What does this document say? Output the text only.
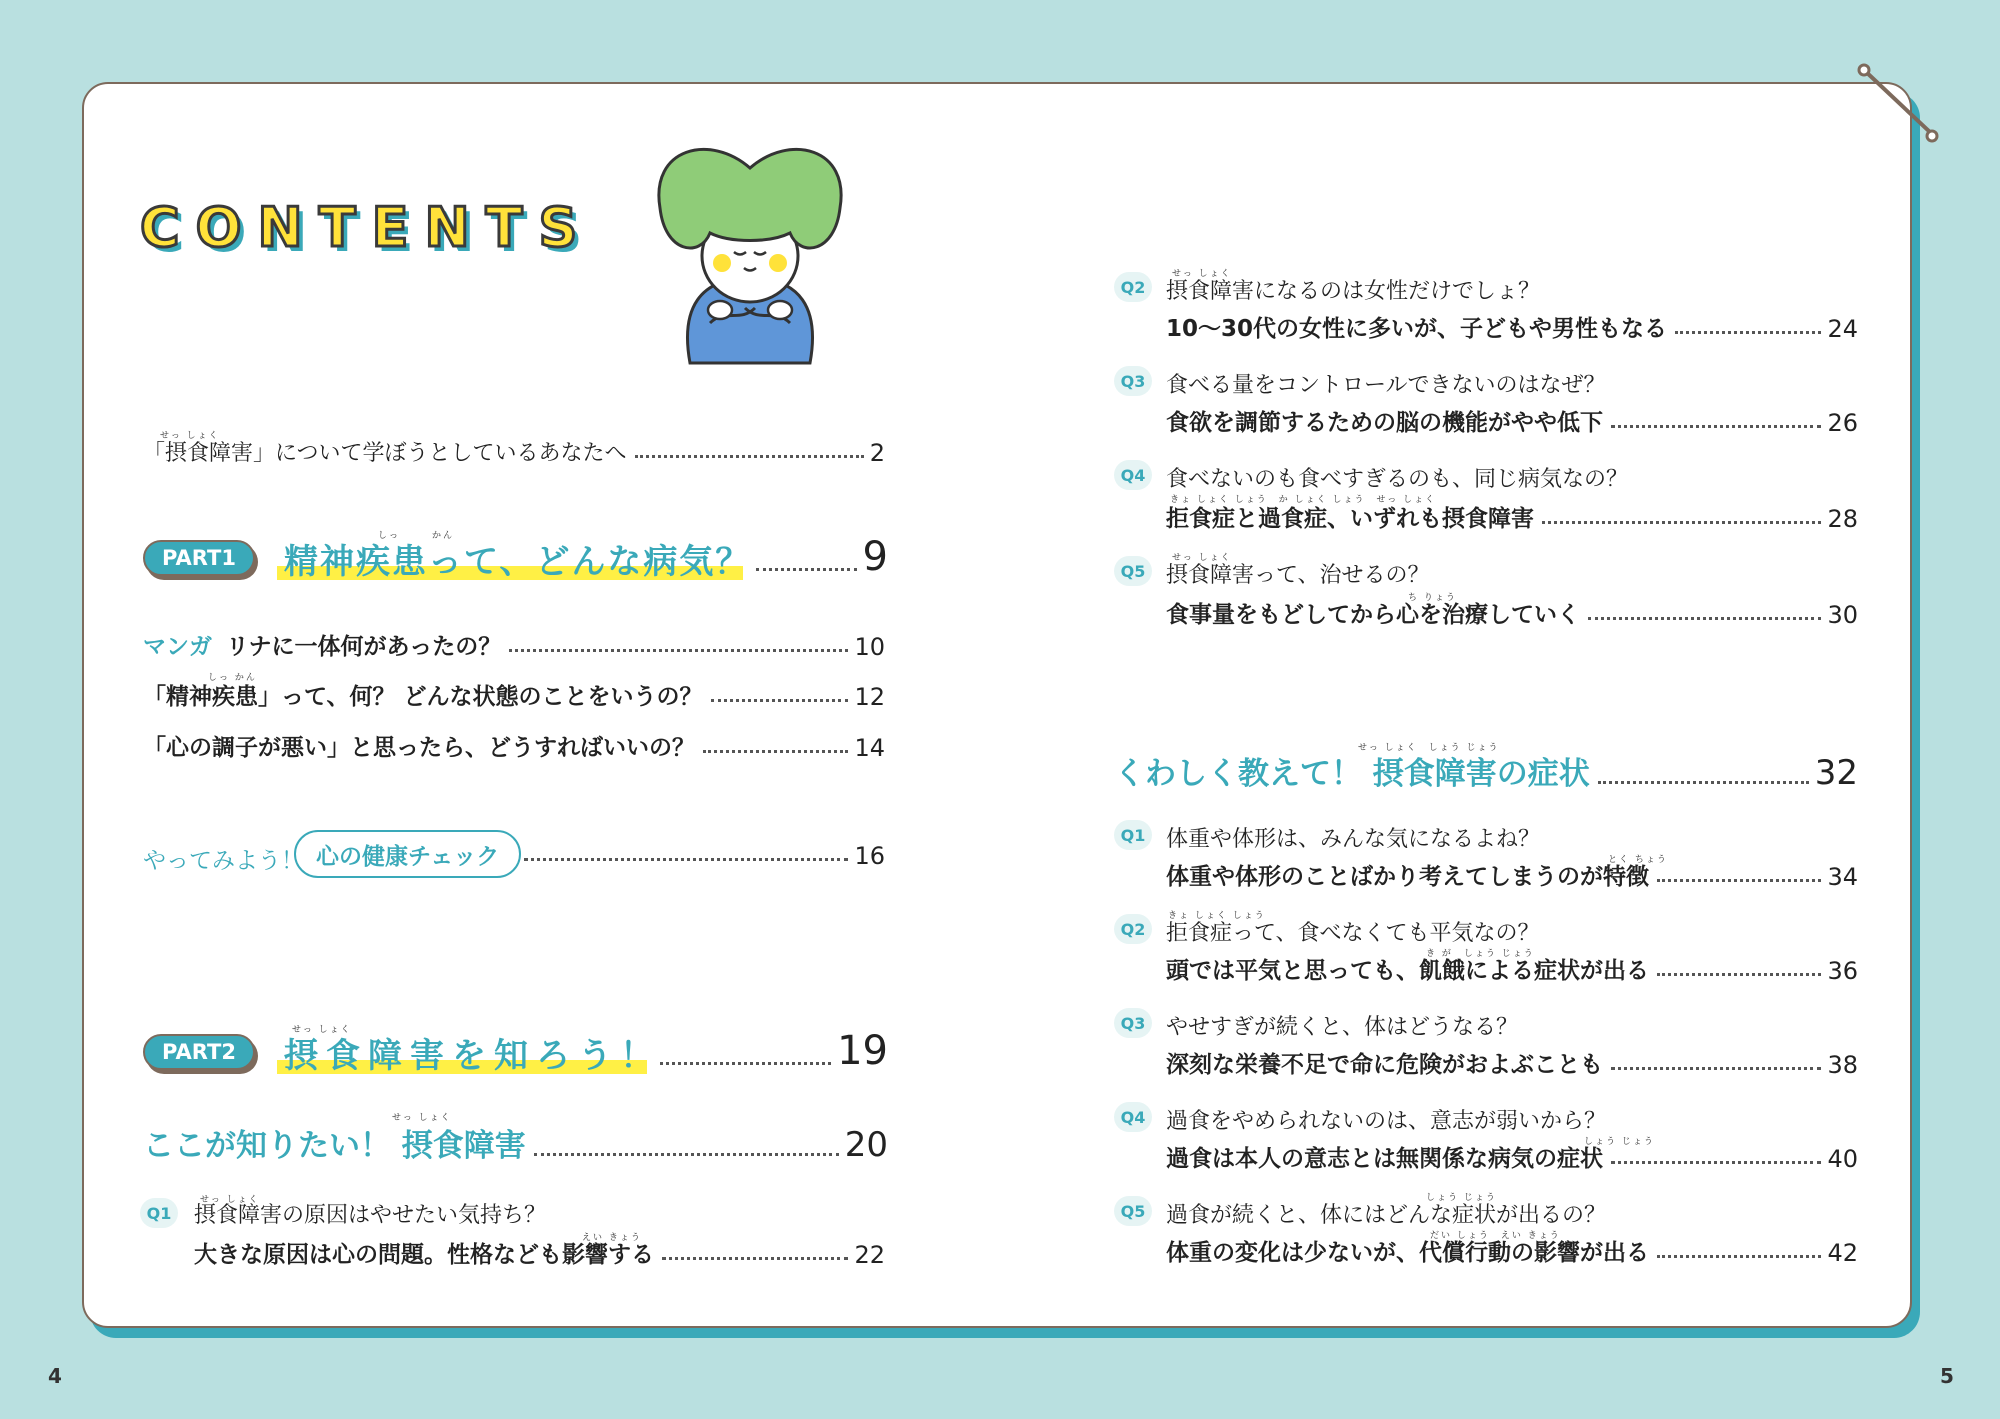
CONTENTS
せっ しょく
「摂食障害」について学ぼうとしているあなたへ	2
PART1
しっ	かん
精神疾患って、どんな病気？	9
マンガ リナに一体何があったの？	10
しっ かん
「精神疾患」って、何？ どんな状態のことをいうの？	12
「心の調子が悪い」と思ったら、どうすればいいの？	14
やってみよう！ 心の健康チェック	16
PART2
せっ しょく
摂食障害を知ろう！	19
せっ しょく
ここが知りたい！ 摂食障害	20
Q1
せっ しょく
摂食障害の原因はやせたい気持ち？
えい きょう
大きな原因は心の問題。性格なども影響する	22
Q2
せっ しょく
摂食障害になるのは女性だけでしょ？
10〜30代の女性に多いが、子どもや男性もなる	24
Q3 食べる量をコントロールできないのはなぜ？
食欲を調節するための脳の機能がやや低下	26
Q4 食べないのも食べすぎるのも、同じ病気なの？
きょ しょく しょう　か しょく しょう　せっ しょく
拒食症と過食症、いずれも摂食障害	28
Q5
せっ しょく
摂食障害って、治せるの？
ち りょう
食事量をもどしてから心を治療していく	30
せっ しょく　しょう じょう
くわしく教えて！ 摂食障害の症状	32
Q1 体重や体形は、みんな気になるよね？
とく ちょう
体重や体形のことばかり考えてしまうのが特徴	34
Q2
きょ しょく しょう
拒食症って、食べなくても平気なの？
き が　しょう じょう
頭では平気と思っても、飢餓による症状が出る	36
Q3 やせすぎが続くと、体はどうなる？
深刻な栄養不足で命に危険がおよぶことも	38
Q4 過食をやめられないのは、意志が弱いから？
しょう じょう
過食は本人の意志とは無関係な病気の症状	40
Q5
しょう じょう
過食が続くと、体にはどんな症状が出るの？
だい しょう　えい きょう
体重の変化は少ないが、代償行動の影響が出る	42
4	5
